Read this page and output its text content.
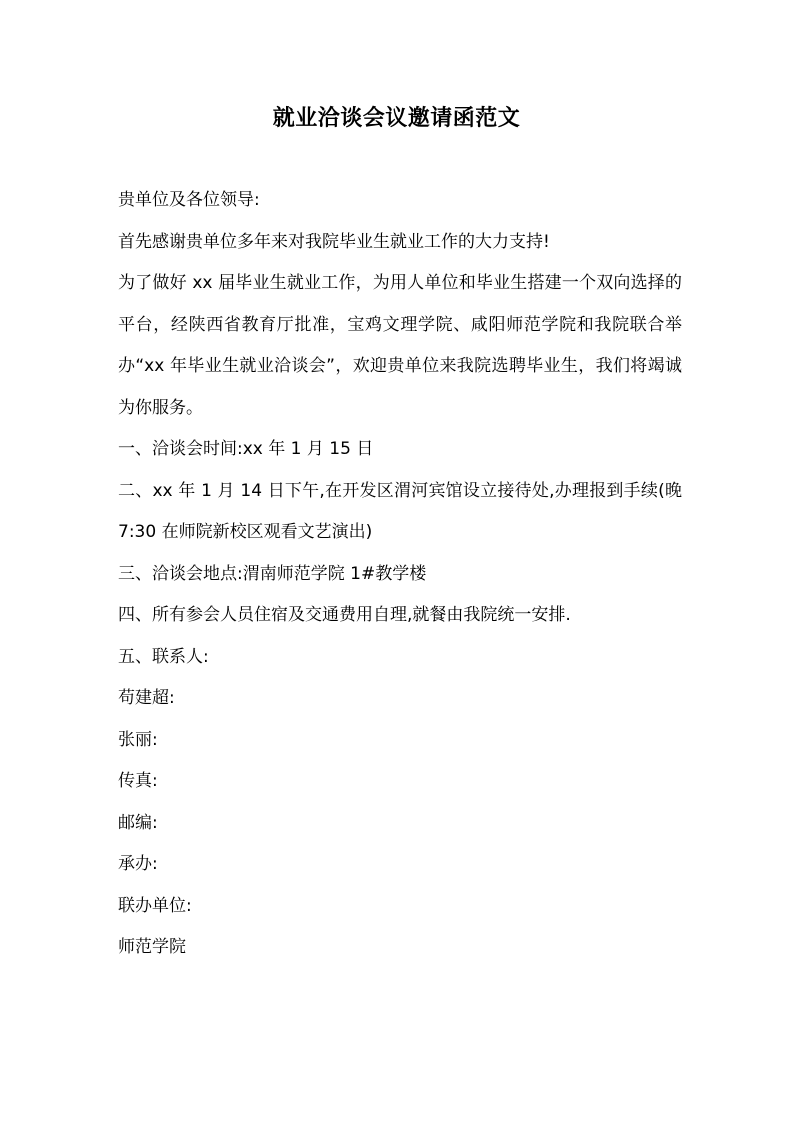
就业洽谈会议邀请函范文

贵单位及各位领导:

首先感谢贵单位多年来对我院毕业生就业工作的大力支持!

为了做好 xx 届毕业生就业工作，为用人单位和毕业生搭建一个双向选择的平台，经陕西省教育厅批准，宝鸡文理学院、咸阳师范学院和我院联合举办“xx 年毕业生就业洽谈会”，欢迎贵单位来我院选聘毕业生，我们将竭诚为你服务。

一、洽谈会时间:xx 年 1 月 15 日

二、xx 年 1 月 14 日下午,在开发区渭河宾馆设立接待处,办理报到手续(晚 7:30 在师院新校区观看文艺演出)

三、洽谈会地点:渭南师范学院 1#教学楼

四、所有参会人员住宿及交通费用自理,就餐由我院统一安排.

五、联系人:

苟建超:

张丽:

传真:

邮编:

承办:

联办单位:

师范学院
